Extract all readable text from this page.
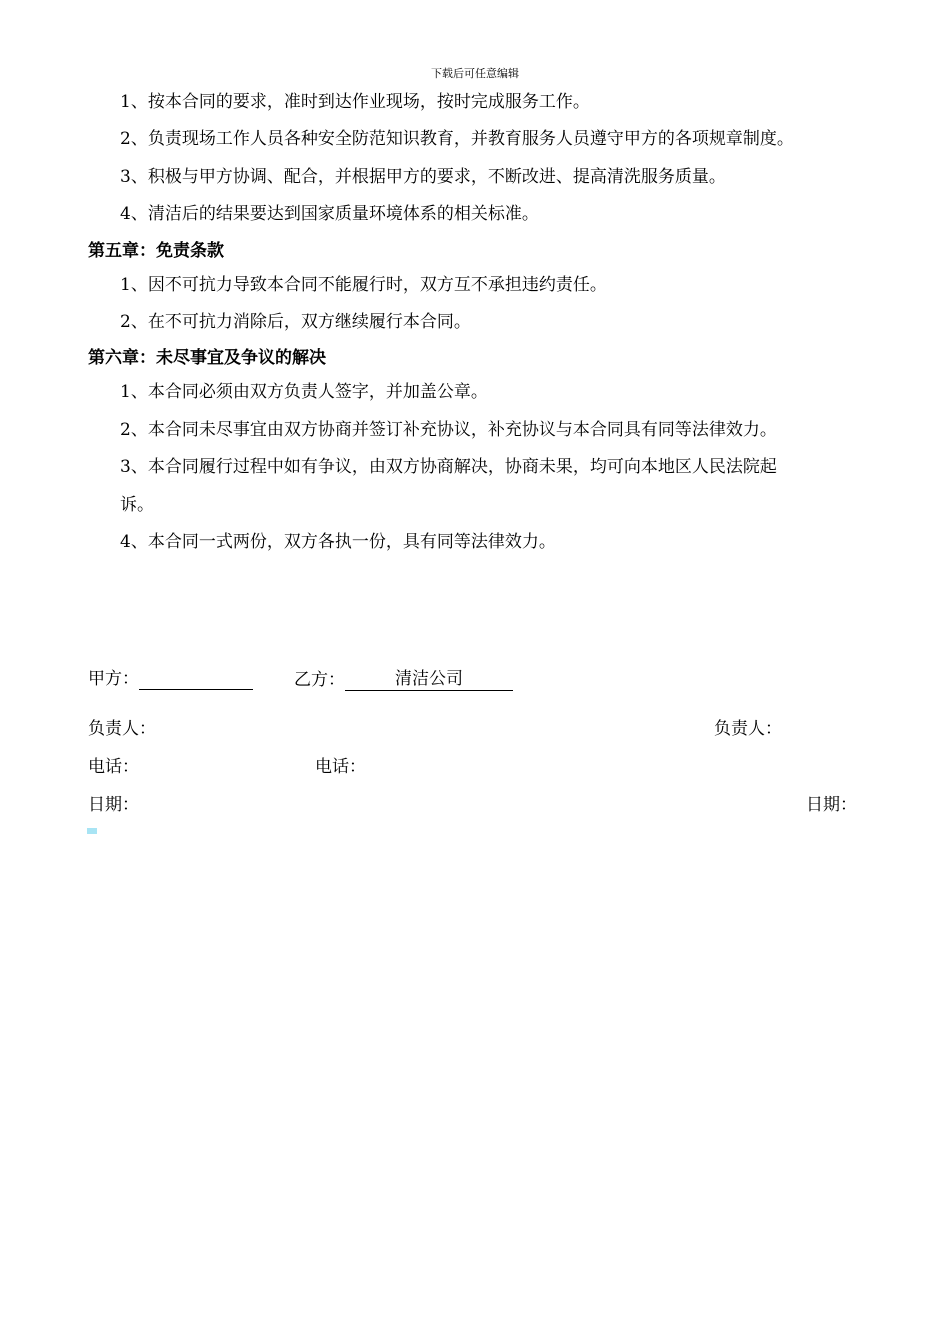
下载后可任意编辑
1、按本合同的要求，准时到达作业现场，按时完成服务工作。
2、负责现场工作人员各种安全防范知识教育，并教育服务人员遵守甲方的各项规章制度。
3、积极与甲方协调、配合，并根据甲方的要求，不断改进、提高清洗服务质量。
4、清洁后的结果要达到国家质量环境体系的相关标准。
第五章：免责条款
1、因不可抗力导致本合同不能履行时，双方互不承担违约责任。
2、在不可抗力消除后，双方继续履行本合同。
第六章：未尽事宜及争议的解决
1、本合同必须由双方负责人签字，并加盖公章。
2、本合同未尽事宜由双方协商并签订补充协议，补充协议与本合同具有同等法律效力。
3、本合同履行过程中如有争议，由双方协商解决，协商未果，均可向本地区人民法院起
诉。
4、本合同一式两份，双方各执一份，具有同等法律效力。
甲方：	乙方：	清洁公司
负责人：	负责人：
电话：	电话：
日期：	日期：
